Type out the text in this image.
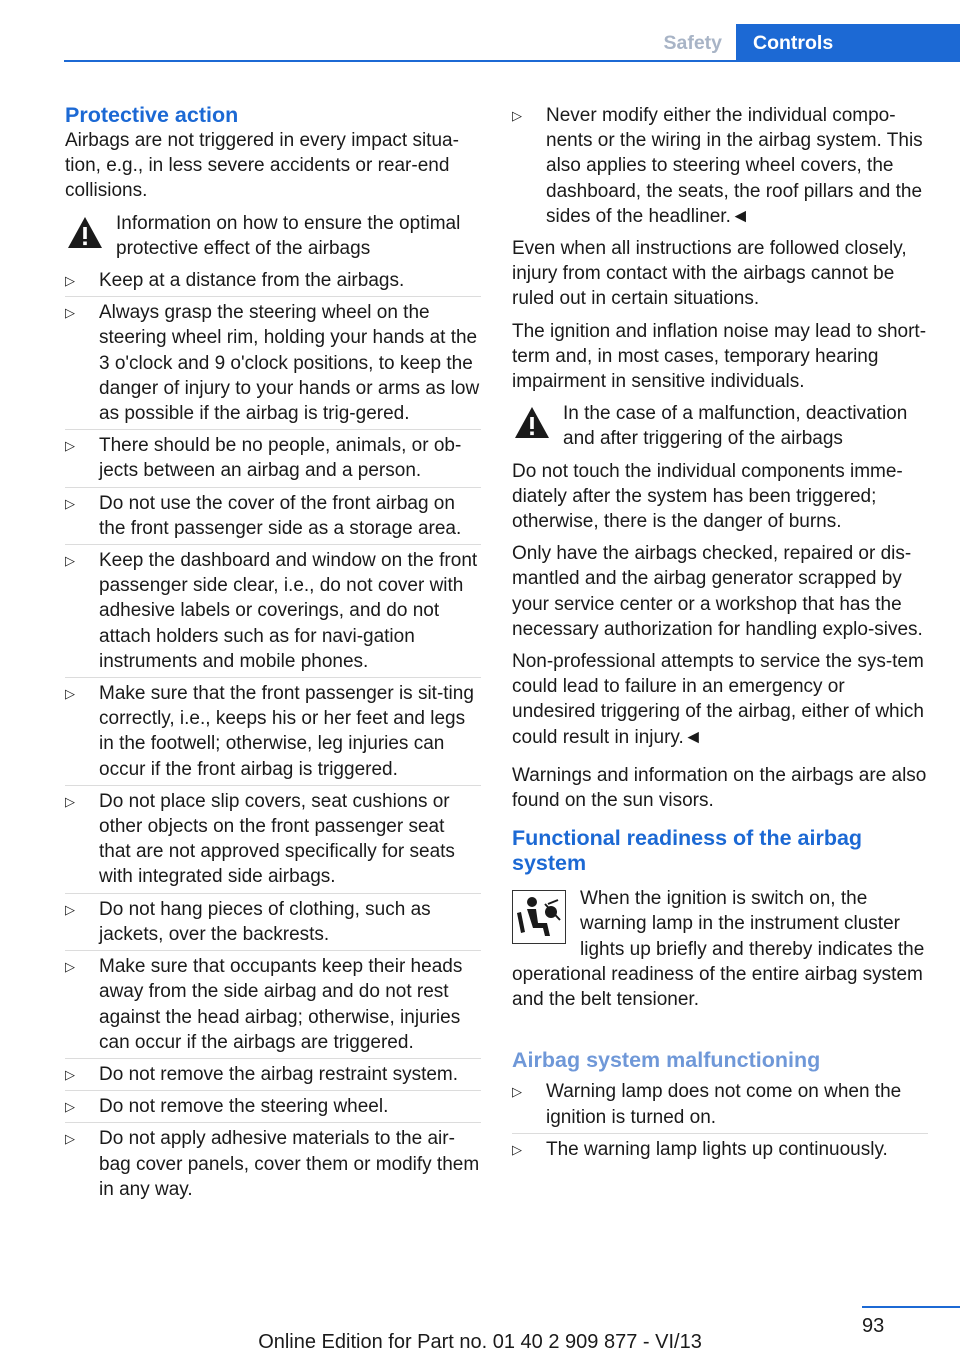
Safety	Controls
Protective action

Airbags are not triggered in every impact situa-tion, e.g., in less severe accidents or rear-end collisions.

Information on how to ensure the optimal protective effect of the airbags
▷ Keep at a distance from the airbags.
▷ Always grasp the steering wheel on the steering wheel rim, holding your hands at the 3 o'clock and 9 o'clock positions, to keep the danger of injury to your hands or arms as low as possible if the airbag is trig-gered.
▷ There should be no people, animals, or ob-jects between an airbag and a person.
▷ Do not use the cover of the front airbag on the front passenger side as a storage area.
▷ Keep the dashboard and window on the front passenger side clear, i.e., do not cover with adhesive labels or coverings, and do not attach holders such as for navi-gation instruments and mobile phones.
▷ Make sure that the front passenger is sit-ting correctly, i.e., keeps his or her feet and legs in the footwell; otherwise, leg injuries can occur if the front airbag is triggered.
▷ Do not place slip covers, seat cushions or other objects on the front passenger seat that are not approved specifically for seats with integrated side airbags.
▷ Do not hang pieces of clothing, such as jackets, over the backrests.
▷ Make sure that occupants keep their heads away from the side airbag and do not rest against the head airbag; otherwise, injuries can occur if the airbags are triggered.
▷ Do not remove the airbag restraint system.
▷ Do not remove the steering wheel.
▷ Do not apply adhesive materials to the air-bag cover panels, cover them or modify them in any way.
▷ Never modify either the individual compo-nents or the wiring in the airbag system. This also applies to steering wheel covers, the dashboard, the seats, the roof pillars and the sides of the headliner.◄

Even when all instructions are followed closely, injury from contact with the airbags cannot be ruled out in certain situations.

The ignition and inflation noise may lead to short-term and, in most cases, temporary hearing impairment in sensitive individuals.

In the case of a malfunction, deactivation and after triggering of the airbags

Do not touch the individual components imme-diately after the system has been triggered; otherwise, there is the danger of burns.

Only have the airbags checked, repaired or dis-mantled and the airbag generator scrapped by your service center or a workshop that has the necessary authorization for handling explo-sives.

Non-professional attempts to service the sys-tem could lead to failure in an emergency or undesired triggering of the airbag, either of which could result in injury.◄

Warnings and information on the airbags are also found on the sun visors.

Functional readiness of the airbag system
When the ignition is switch on, the warning lamp in the instrument cluster lights up briefly and thereby indicates the operational readiness of the entire airbag system and the belt tensioner.
Airbag system malfunctioning
▷ Warning lamp does not come on when the ignition is turned on.
▷ The warning lamp lights up continuously.
93
Online Edition for Part no. 01 40 2 909 877 - VI/13
